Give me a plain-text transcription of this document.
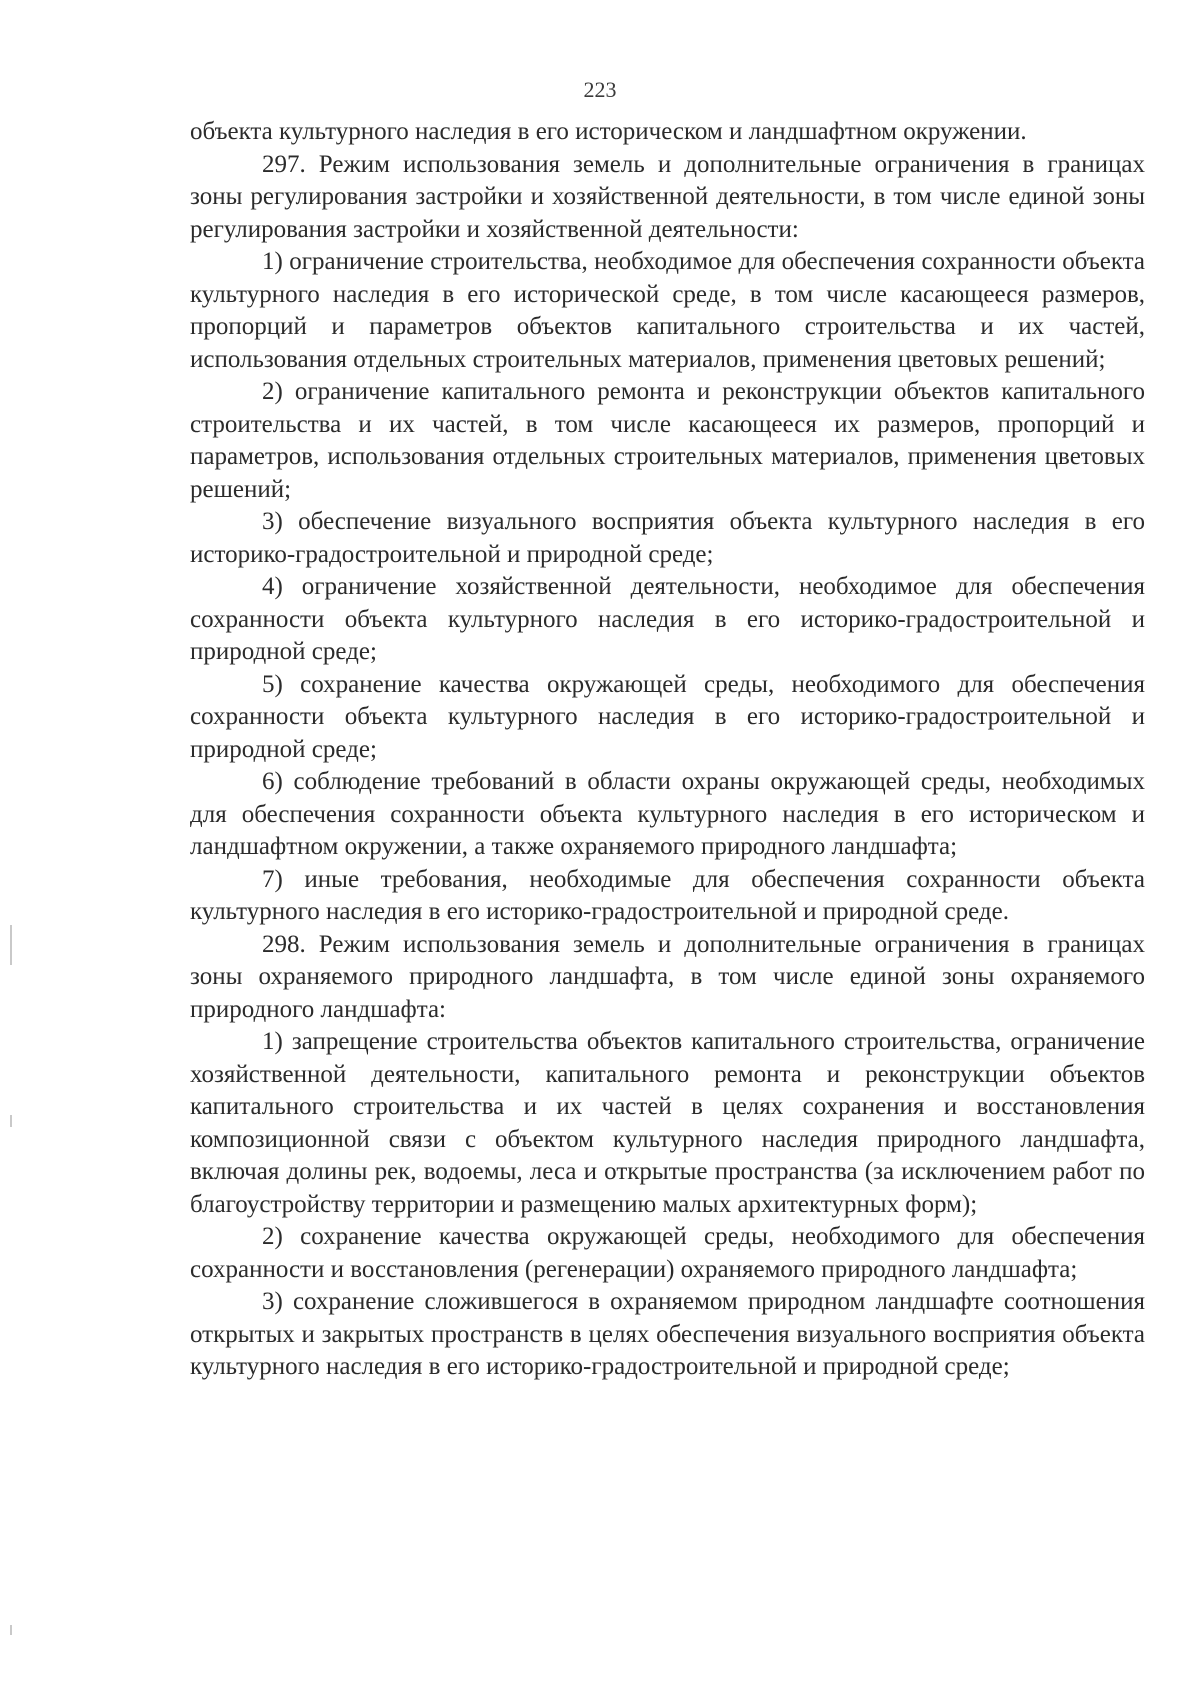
223

объекта культурного наследия в его историческом и ландшафтном окружении.

297. Режим использования земель и дополнительные ограничения в границах зоны регулирования застройки и хозяйственной деятельности, в том числе единой зоны регулирования застройки и хозяйственной деятельности:

1) ограничение строительства, необходимое для обеспечения сохранности объекта культурного наследия в его исторической среде, в том числе касающееся размеров, пропорций и параметров объектов капитального строительства и их частей, использования отдельных строительных материалов, применения цветовых решений;

2) ограничение капитального ремонта и реконструкции объектов капитального строительства и их частей, в том числе касающееся их размеров, пропорций и параметров, использования отдельных строительных материалов, применения цветовых решений;

3) обеспечение визуального восприятия объекта культурного наследия в его историко-градостроительной и природной среде;

4) ограничение хозяйственной деятельности, необходимое для обеспечения сохранности объекта культурного наследия в его историко-градостроительной и природной среде;

5) сохранение качества окружающей среды, необходимого для обеспечения сохранности объекта культурного наследия в его историко-градостроительной и природной среде;

6) соблюдение требований в области охраны окружающей среды, необходимых для обеспечения сохранности объекта культурного наследия в его историческом и ландшафтном окружении, а также охраняемого природного ландшафта;

7) иные требования, необходимые для обеспечения сохранности объекта культурного наследия в его историко-градостроительной и природной среде.

298. Режим использования земель и дополнительные ограничения в границах зоны охраняемого природного ландшафта, в том числе единой зоны охраняемого природного ландшафта:

1) запрещение строительства объектов капитального строительства, ограничение хозяйственной деятельности, капитального ремонта и реконструкции объектов капитального строительства и их частей в целях сохранения и восстановления композиционной связи с объектом культурного наследия природного ландшафта, включая долины рек, водоемы, леса и открытые пространства (за исключением работ по благоустройству территории и размещению малых архитектурных форм);

2) сохранение качества окружающей среды, необходимого для обеспечения сохранности и восстановления (регенерации) охраняемого природного ландшафта;

3) сохранение сложившегося в охраняемом природном ландшафте соотношения открытых и закрытых пространств в целях обеспечения визуального восприятия объекта культурного наследия в его историко-градостроительной и природной среде;
